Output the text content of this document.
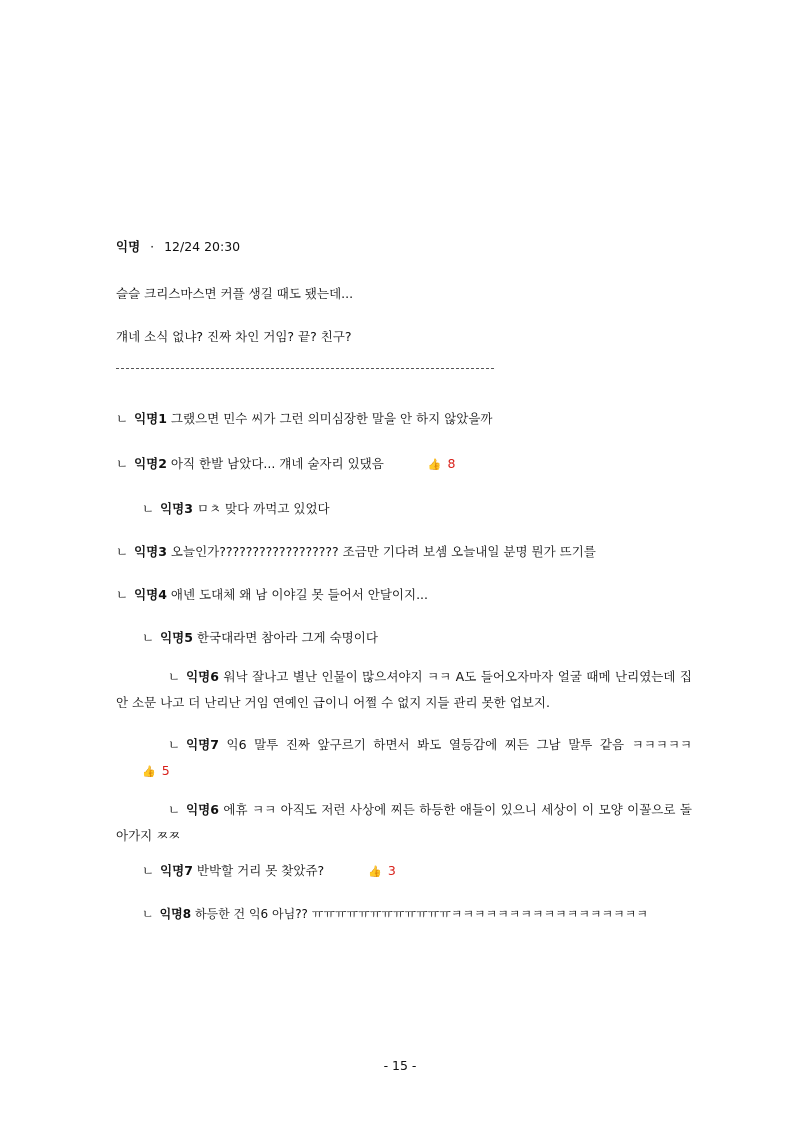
익명 · 12/24 20:30
슬슬 크리스마스면 커플 생길 때도 됐는데...
걔네 소식 없냐? 진짜 차인 거임? 끝? 친구?
ㄴ 익명1 그랬으면 민수 씨가 그런 의미심장한 말을 안 하지 않았을까
ㄴ 익명2 아직 한발 남았다... 걔네 술자리 있댔음	👍 8
ㄴ 익명3 ㅁㅊ 맞다 까먹고 있었다
ㄴ 익명3 오늘인가?????????????????? 조금만 기다려 보셈 오늘내일 분명 뭔가 뜨기를
ㄴ 익명4 애넨 도대체 왜 남 이야길 못 들어서 안달이지...
ㄴ 익명5 한국대라면 참아라 그게 숙명이다
ㄴ 익명6 워낙 잘나고 별난 인물이 많으셔야지 ㅋㅋ A도 들어오자마자 얼굴 때메 난리였는데 집 안 소문 나고 더 난리난 거임 연예인 급이니 어쩔 수 없지 지들 관리 못한 업보지.
ㄴ 익명7 익6 말투 진짜 앞구르기 하면서 봐도 열등감에 찌든 그남 말투 같음 ㅋㅋㅋㅋㅋ 👍 5
ㄴ 익명6 에휴 ㅋㅋ 아직도 저런 사상에 찌든 하등한 애들이 있으니 세상이 이 모양 이꼴으로 돌아가지 ㅉㅉ
ㄴ 익명7 반박할 거리 못 찾았쥬?	👍 3
ㄴ 익명8 하등한 건 익6 아님?? ㅠㅠㅠㅠㅠㅠㅠㅠㅠㅠㅠㅠㅋㅋㅋㅋㅋㅋㅋㅋㅋㅋㅋㅋㅋㅋㅋㅋㅋ
- 15 -
